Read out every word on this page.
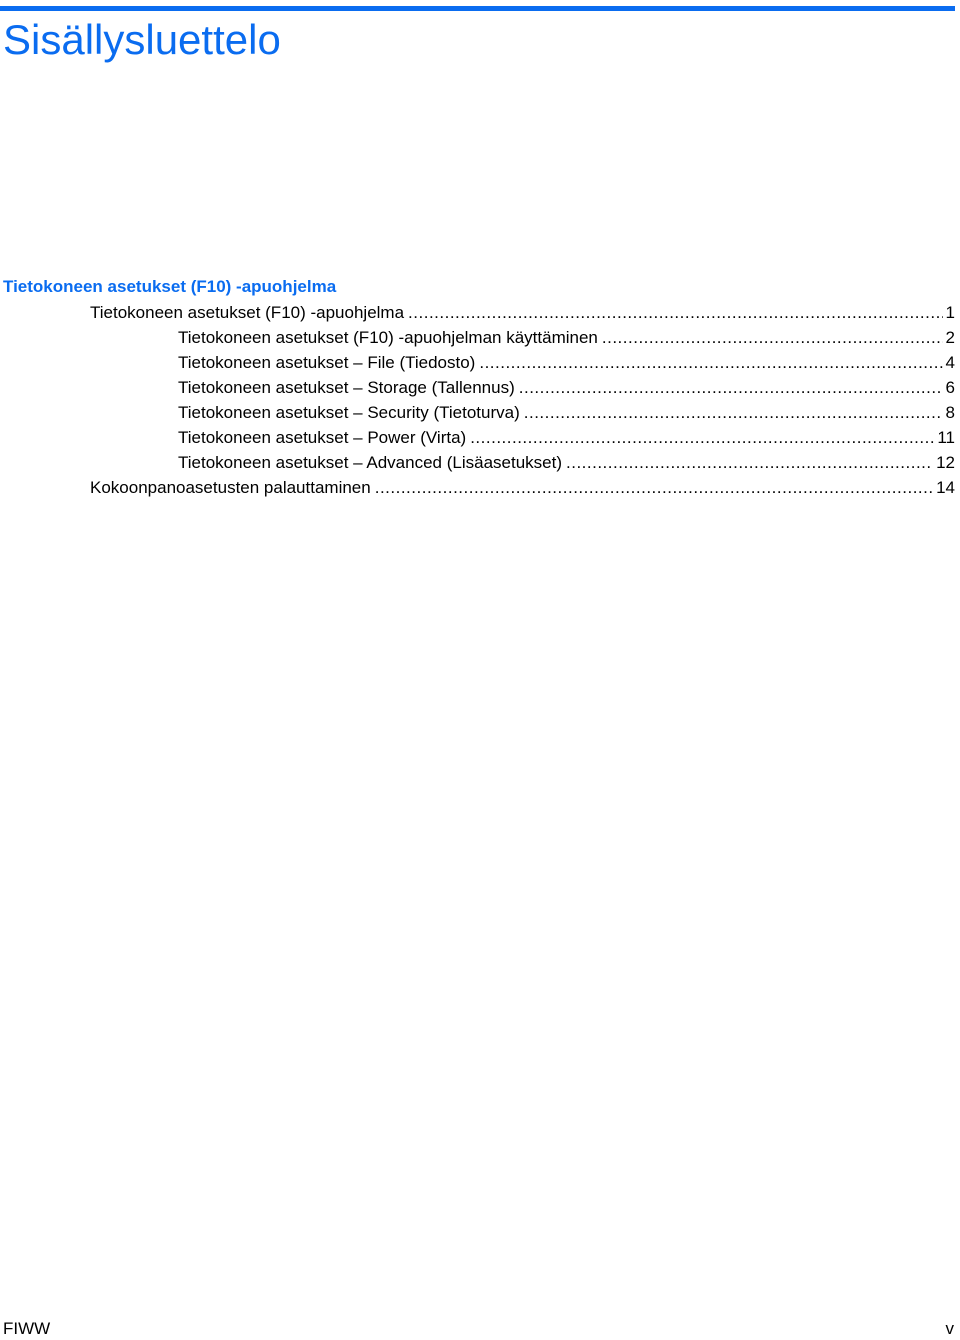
Sisällysluettelo
Tietokoneen asetukset (F10) -apuohjelma
Tietokoneen asetukset (F10) -apuohjelma .....	1
Tietokoneen asetukset (F10) -apuohjelman käyttäminen .....	2
Tietokoneen asetukset – File (Tiedosto) .....	4
Tietokoneen asetukset – Storage (Tallennus) .....	6
Tietokoneen asetukset – Security (Tietoturva) .....	8
Tietokoneen asetukset – Power (Virta) .....	11
Tietokoneen asetukset – Advanced (Lisäasetukset) .....	12
Kokoonpanoasetusten palauttaminen .....	14
FIWW	v
